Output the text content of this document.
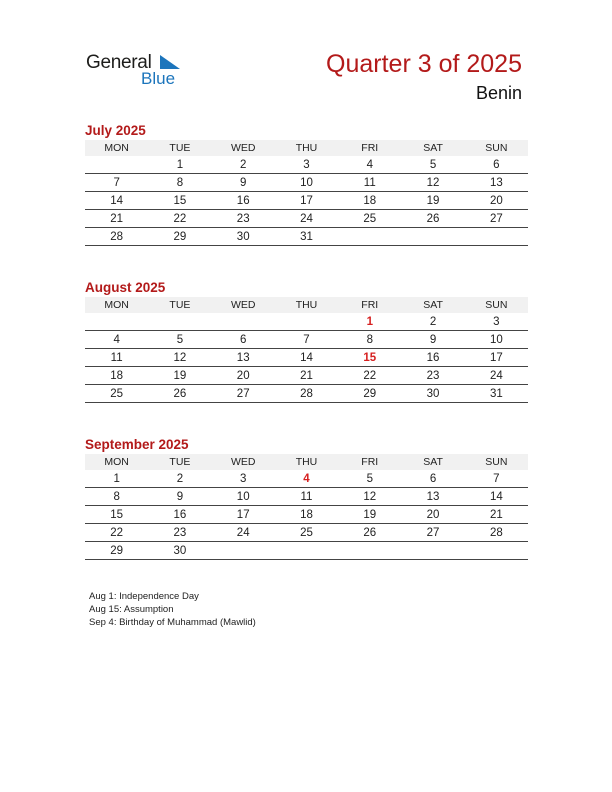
General
Blue
Quarter 3 of 2025
Benin
July 2025
MON	TUE	WED	THU	FRI	SAT	SUN
	1	2	3	4	5	6
7	8	9	10	11	12	13
14	15	16	17	18	19	20
21	22	23	24	25	26	27
28	29	30	31			
August 2025
MON	TUE	WED	THU	FRI	SAT	SUN
				1	2	3
4	5	6	7	8	9	10
11	12	13	14	15	16	17
18	19	20	21	22	23	24
25	26	27	28	29	30	31
September 2025
MON	TUE	WED	THU	FRI	SAT	SUN
1	2	3	4	5	6	7
8	9	10	11	12	13	14
15	16	17	18	19	20	21
22	23	24	25	26	27	28
29	30					
Aug 1: Independence Day
Aug 15: Assumption
Sep 4: Birthday of Muhammad (Mawlid)
